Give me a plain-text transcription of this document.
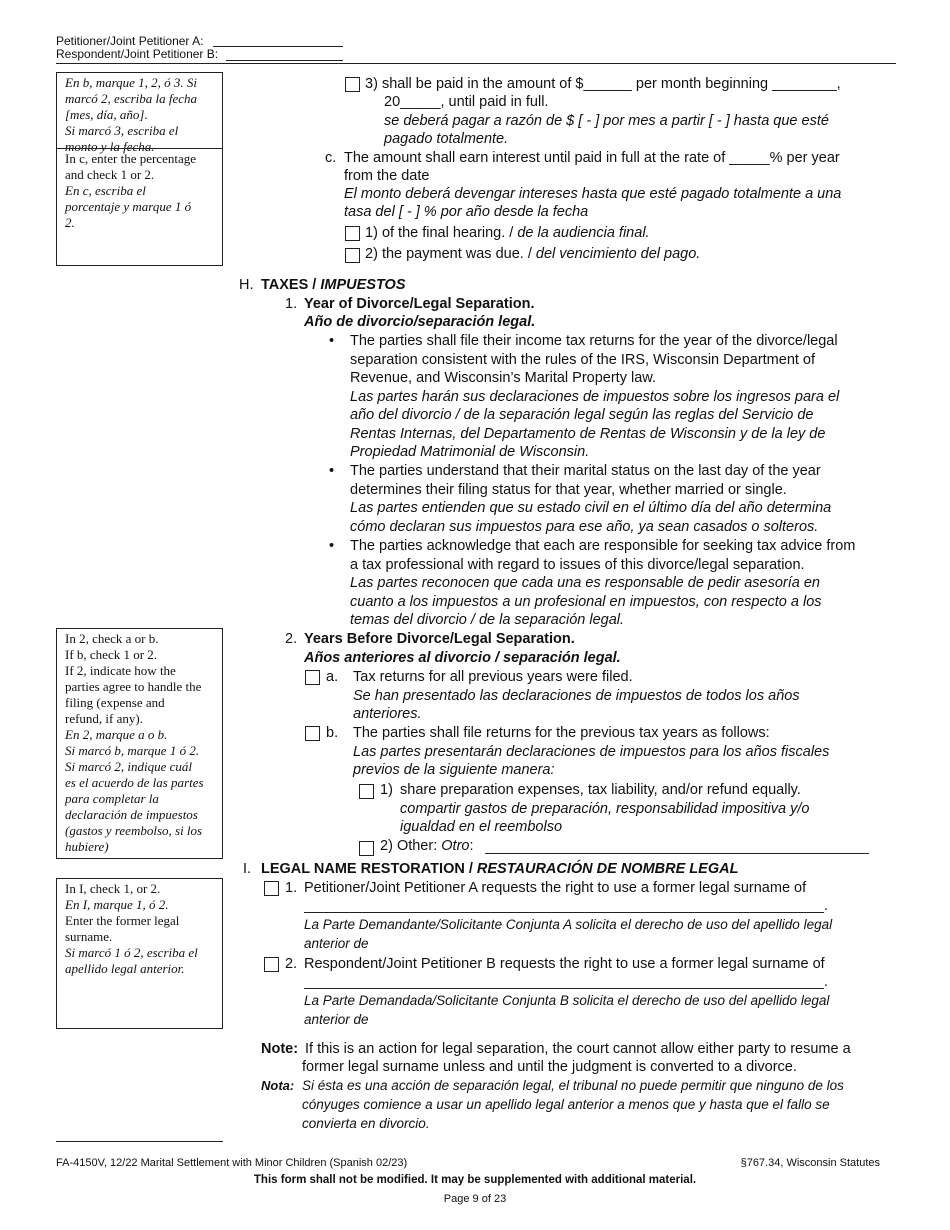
Petitioner/Joint Petitioner A:
Respondent/Joint Petitioner B:
En b, marque 1, 2, ó 3. Si
marcó 2, escriba la fecha
[mes, día, año].
Si marcó 3, escriba el
monto y la fecha.
In c, enter the percentage
and check 1 or 2.
En c, escriba el
porcentaje y marque 1 ó
2.
In 2, check a or b.
If b, check 1 or 2.
If 2, indicate how the
parties agree to handle the
filing (expense and
refund, if any).
En 2, marque a o b.
Si marcó b, marque 1 ó 2.
Si marcó 2, indique cuál
es el acuerdo de las partes
para completar la
declaración de impuestos
(gastos y reembolso, si los
hubiere)
In I, check 1, or 2.
En I, marque 1, ó 2.
Enter the former legal
surname.
Si marcó 1 ó 2, escriba el
apellido legal anterior.
3) shall be paid in the amount of $______ per month beginning ________,
20_____, until paid in full.
se deberá pagar a razón de $ [ - ] por mes a partir [ - ] hasta que esté
pagado totalmente.
c. The amount shall earn interest until paid in full at the rate of _____% per year
from the date
El monto deberá devengar intereses hasta que esté pagado totalmente a una
tasa del [ - ] % por año desde la fecha
1) of the final hearing. / de la audiencia final.
2) the payment was due. / del vencimiento del pago.
H. TAXES / IMPUESTOS
1. Year of Divorce/Legal Separation.
Año de divorcio/separación legal.
• The parties shall file their income tax returns for the year of the divorce/legal
separation consistent with the rules of the IRS, Wisconsin Department of
Revenue, and Wisconsin’s Marital Property law.
Las partes harán sus declaraciones de impuestos sobre los ingresos para el
año del divorcio / de la separación legal según las reglas del Servicio de
Rentas Internas, del Departamento de Rentas de Wisconsin y de la ley de
Propiedad Matrimonial de Wisconsin.
• The parties understand that their marital status on the last day of the year
determines their filing status for that year, whether married or single.
Las partes entienden que su estado civil en el último día del año determina
cómo declaran sus impuestos para ese año, ya sean casados o solteros.
• The parties acknowledge that each are responsible for seeking tax advice from
a tax professional with regard to issues of this divorce/legal separation.
Las partes reconocen que cada una es responsable de pedir asesoría en
cuanto a los impuestos a un profesional en impuestos, con respecto a los
temas del divorcio / de la separación legal.
2. Years Before Divorce/Legal Separation.
Años anteriores al divorcio / separación legal.
a. Tax returns for all previous years were filed.
Se han presentado las declaraciones de impuestos de todos los años
anteriores.
b. The parties shall file returns for the previous tax years as follows:
Las partes presentarán declaraciones de impuestos para los años fiscales
previos de la siguiente manera:
1) share preparation expenses, tax liability, and/or refund equally.
compartir gastos de preparación, responsabilidad impositiva y/o
igualdad en el reembolso
2) Other: Otro:
I. LEGAL NAME RESTORATION / RESTAURACIÓN DE NOMBRE LEGAL
1. Petitioner/Joint Petitioner A requests the right to use a former legal surname of
.
La Parte Demandante/Solicitante Conjunta A solicita el derecho de uso del apellido legal
anterior de
2. Respondent/Joint Petitioner B requests the right to use a former legal surname of
.
La Parte Demandada/Solicitante Conjunta B solicita el derecho de uso del apellido legal
anterior de
Note: If this is an action for legal separation, the court cannot allow either party to resume a
former legal surname unless and until the judgment is converted to a divorce.
Nota: Si ésta es una acción de separación legal, el tribunal no puede permitir que ninguno de los
cónyuges comience a usar un apellido legal anterior a menos que y hasta que el fallo se
convierta en divorcio.
FA-4150V, 12/22 Marital Settlement with Minor Children (Spanish 02/23)	§767.34, Wisconsin Statutes
This form shall not be modified. It may be supplemented with additional material.
Page 9 of 23
